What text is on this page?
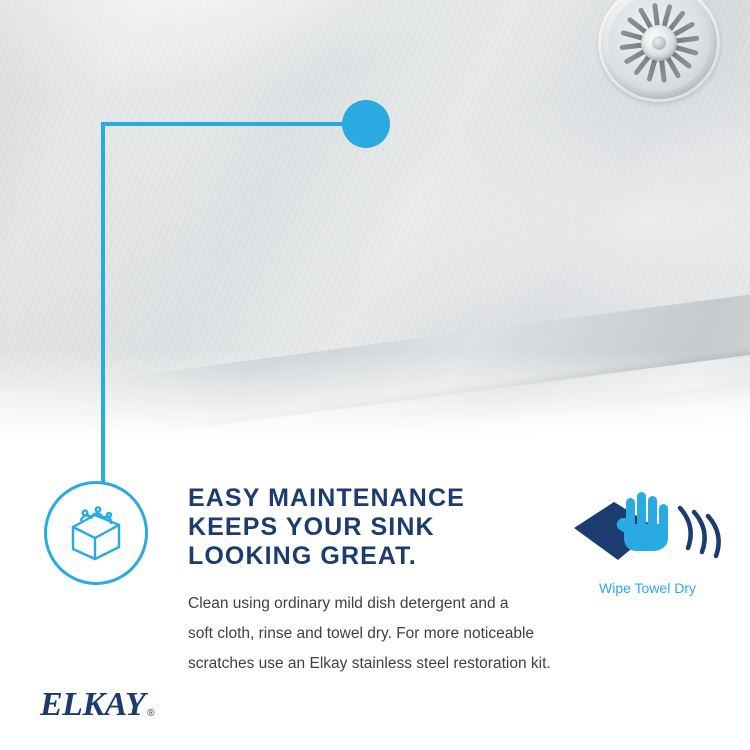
EASY MAINTENANCE
KEEPS YOUR SINK
LOOKING GREAT.
Clean using ordinary mild dish detergent and a
soft cloth, rinse and towel dry. For more noticeable
scratches use an Elkay stainless steel restoration kit.
Wipe Towel Dry
ELKAY ®
